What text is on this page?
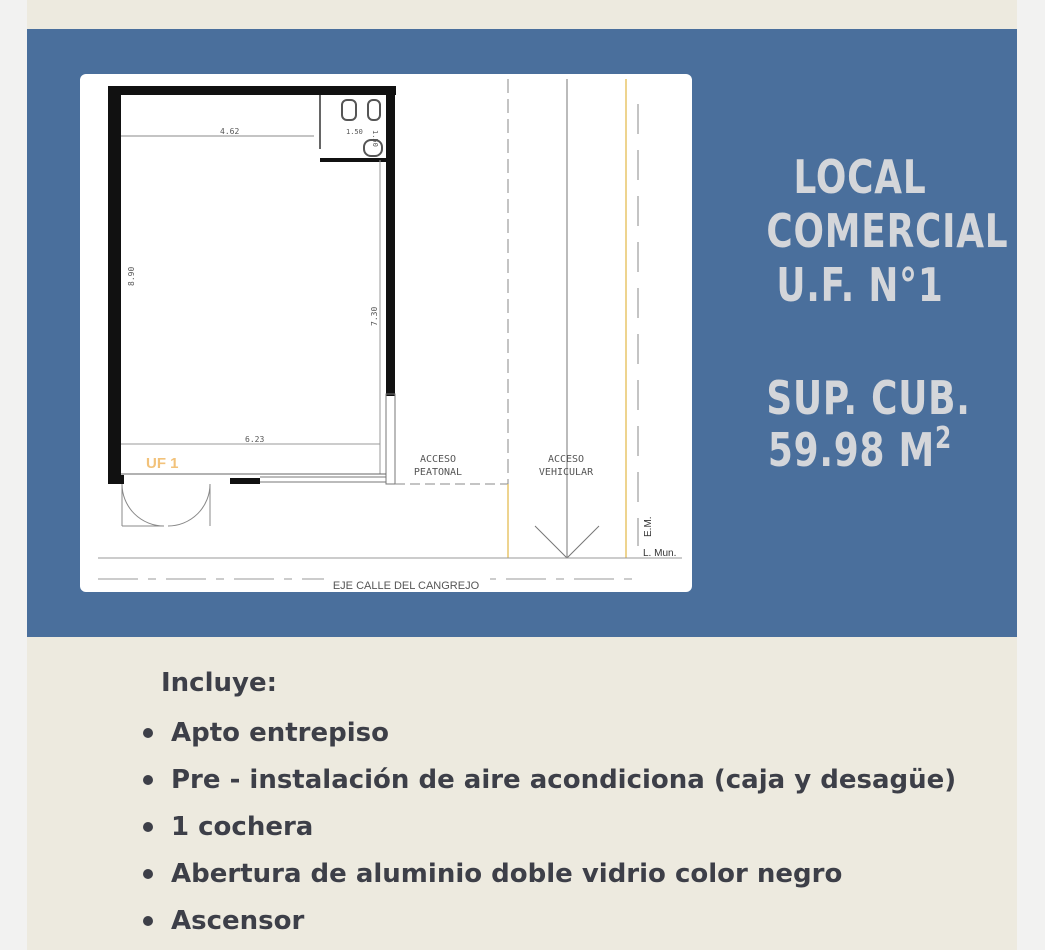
4.62	1.50 1.50
8.90
7.30
6.23
UF 1	ACCESO
PEATONAL
ACCESO
VEHICULAR
E.M.
L. Mun.
EJE CALLE DEL CANGREJO
LOCAL
COMERCIAL
U.F. N°1
SUP. CUB.
59.98 $M^2$
Incluye:
Apto entrepiso
Pre - instalación de aire acondiciona (caja y desagüe)
1 cochera
Abertura de aluminio doble vidrio color negro
Ascensor
